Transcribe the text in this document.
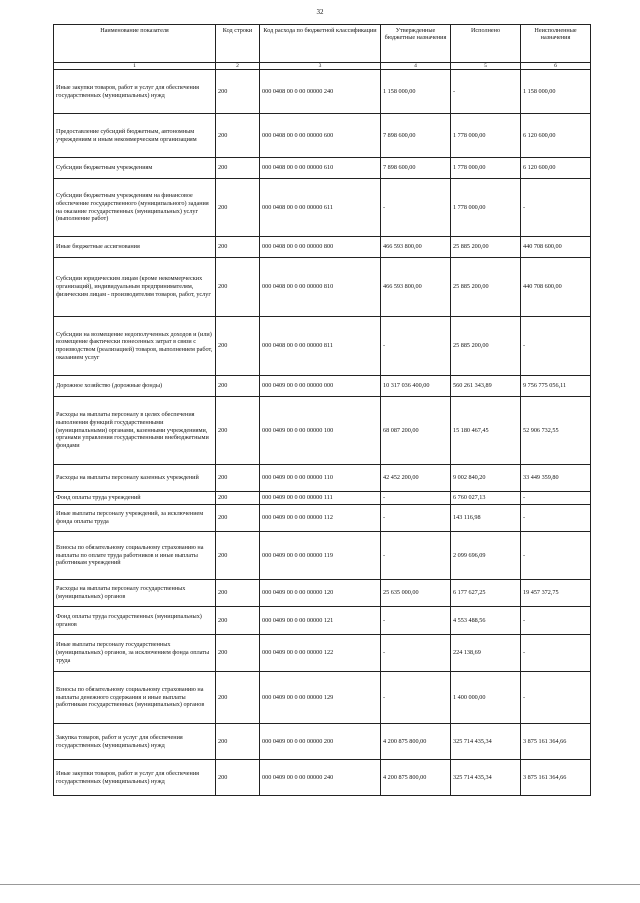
32
Наименование показателя	Код строки	Код расхода по бюджетной классификации	Утвержденные бюджетные назначения	Исполнено	Неисполненные назначения
1	2	3	4	5	6
Иные закупки товаров, работ и услуг для обеспечения государственных (муниципальных) нужд	200	000 0408 00 0 00 00000 240	1 158 000,00	-	1 158 000,00
Предоставление субсидий бюджетным, автономным учреждениям и иным некоммерческим организациям	200	000 0408 00 0 00 00000 600	7 898 600,00	1 778 000,00	6 120 600,00
Субсидии бюджетным учреждениям	200	000 0408 00 0 00 00000 610	7 898 600,00	1 778 000,00	6 120 600,00
Субсидии бюджетным учреждениям на финансовое обеспечение государственного (муниципального) задания на оказание государственных (муниципальных) услуг (выполнение работ)	200	000 0408 00 0 00 00000 611	-	1 778 000,00	-
Иные бюджетные ассигнования	200	000 0408 00 0 00 00000 800	466 593 800,00	25 885 200,00	440 708 600,00
Субсидии юридическим лицам (кроме некоммерческих организаций), индивидуальным предпринимателям, физическим лицам - производителям товаров, работ, услуг	200	000 0408 00 0 00 00000 810	466 593 800,00	25 885 200,00	440 708 600,00
Субсидии на возмещение недополученных доходов и (или) возмещение фактически понесенных затрат в связи с производством (реализацией) товаров, выполнением работ, оказанием услуг	200	000 0408 00 0 00 00000 811	-	25 885 200,00	-
Дорожное хозяйство (дорожные фонды)	200	000 0409 00 0 00 00000 000	10 317 036 400,00	560 261 343,89	9 756 775 056,11
Расходы на выплаты персоналу в целях обеспечения выполнения функций государственными (муниципальными) органами, казенными учреждениями, органами управления государственными внебюджетными фондами	200	000 0409 00 0 00 00000 100	68 087 200,00	15 180 467,45	52 906 732,55
Расходы на выплаты персоналу казенных учреждений	200	000 0409 00 0 00 00000 110	42 452 200,00	9 002 840,20	33 449 359,80
Фонд оплаты труда учреждений	200	000 0409 00 0 00 00000 111	-	6 760 027,13	-
Иные выплаты персоналу учреждений, за исключением фонда оплаты труда	200	000 0409 00 0 00 00000 112	-	143 116,98	-
Взносы по обязательному социальному страхованию на выплаты по оплате труда работников и иные выплаты работникам учреждений	200	000 0409 00 0 00 00000 119	-	2 099 696,09	-
Расходы на выплаты персоналу государственных (муниципальных) органов	200	000 0409 00 0 00 00000 120	25 635 000,00	6 177 627,25	19 457 372,75
Фонд оплаты труда государственных (муниципальных) органов	200	000 0409 00 0 00 00000 121	-	4 553 488,56	-
Иные выплаты персоналу государственных (муниципальных) органов, за исключением фонда оплаты труда	200	000 0409 00 0 00 00000 122	-	224 138,69	-
Взносы по обязательному социальному страхованию на выплаты денежного содержания и иные выплаты работникам государственных (муниципальных) органов	200	000 0409 00 0 00 00000 129	-	1 400 000,00	-
Закупка товаров, работ и услуг для обеспечения государственных (муниципальных) нужд	200	000 0409 00 0 00 00000 200	4 200 875 800,00	325 714 435,34	3 875 161 364,66
Иные закупки товаров, работ и услуг для обеспечения государственных (муниципальных) нужд	200	000 0409 00 0 00 00000 240	4 200 875 800,00	325 714 435,34	3 875 161 364,66
